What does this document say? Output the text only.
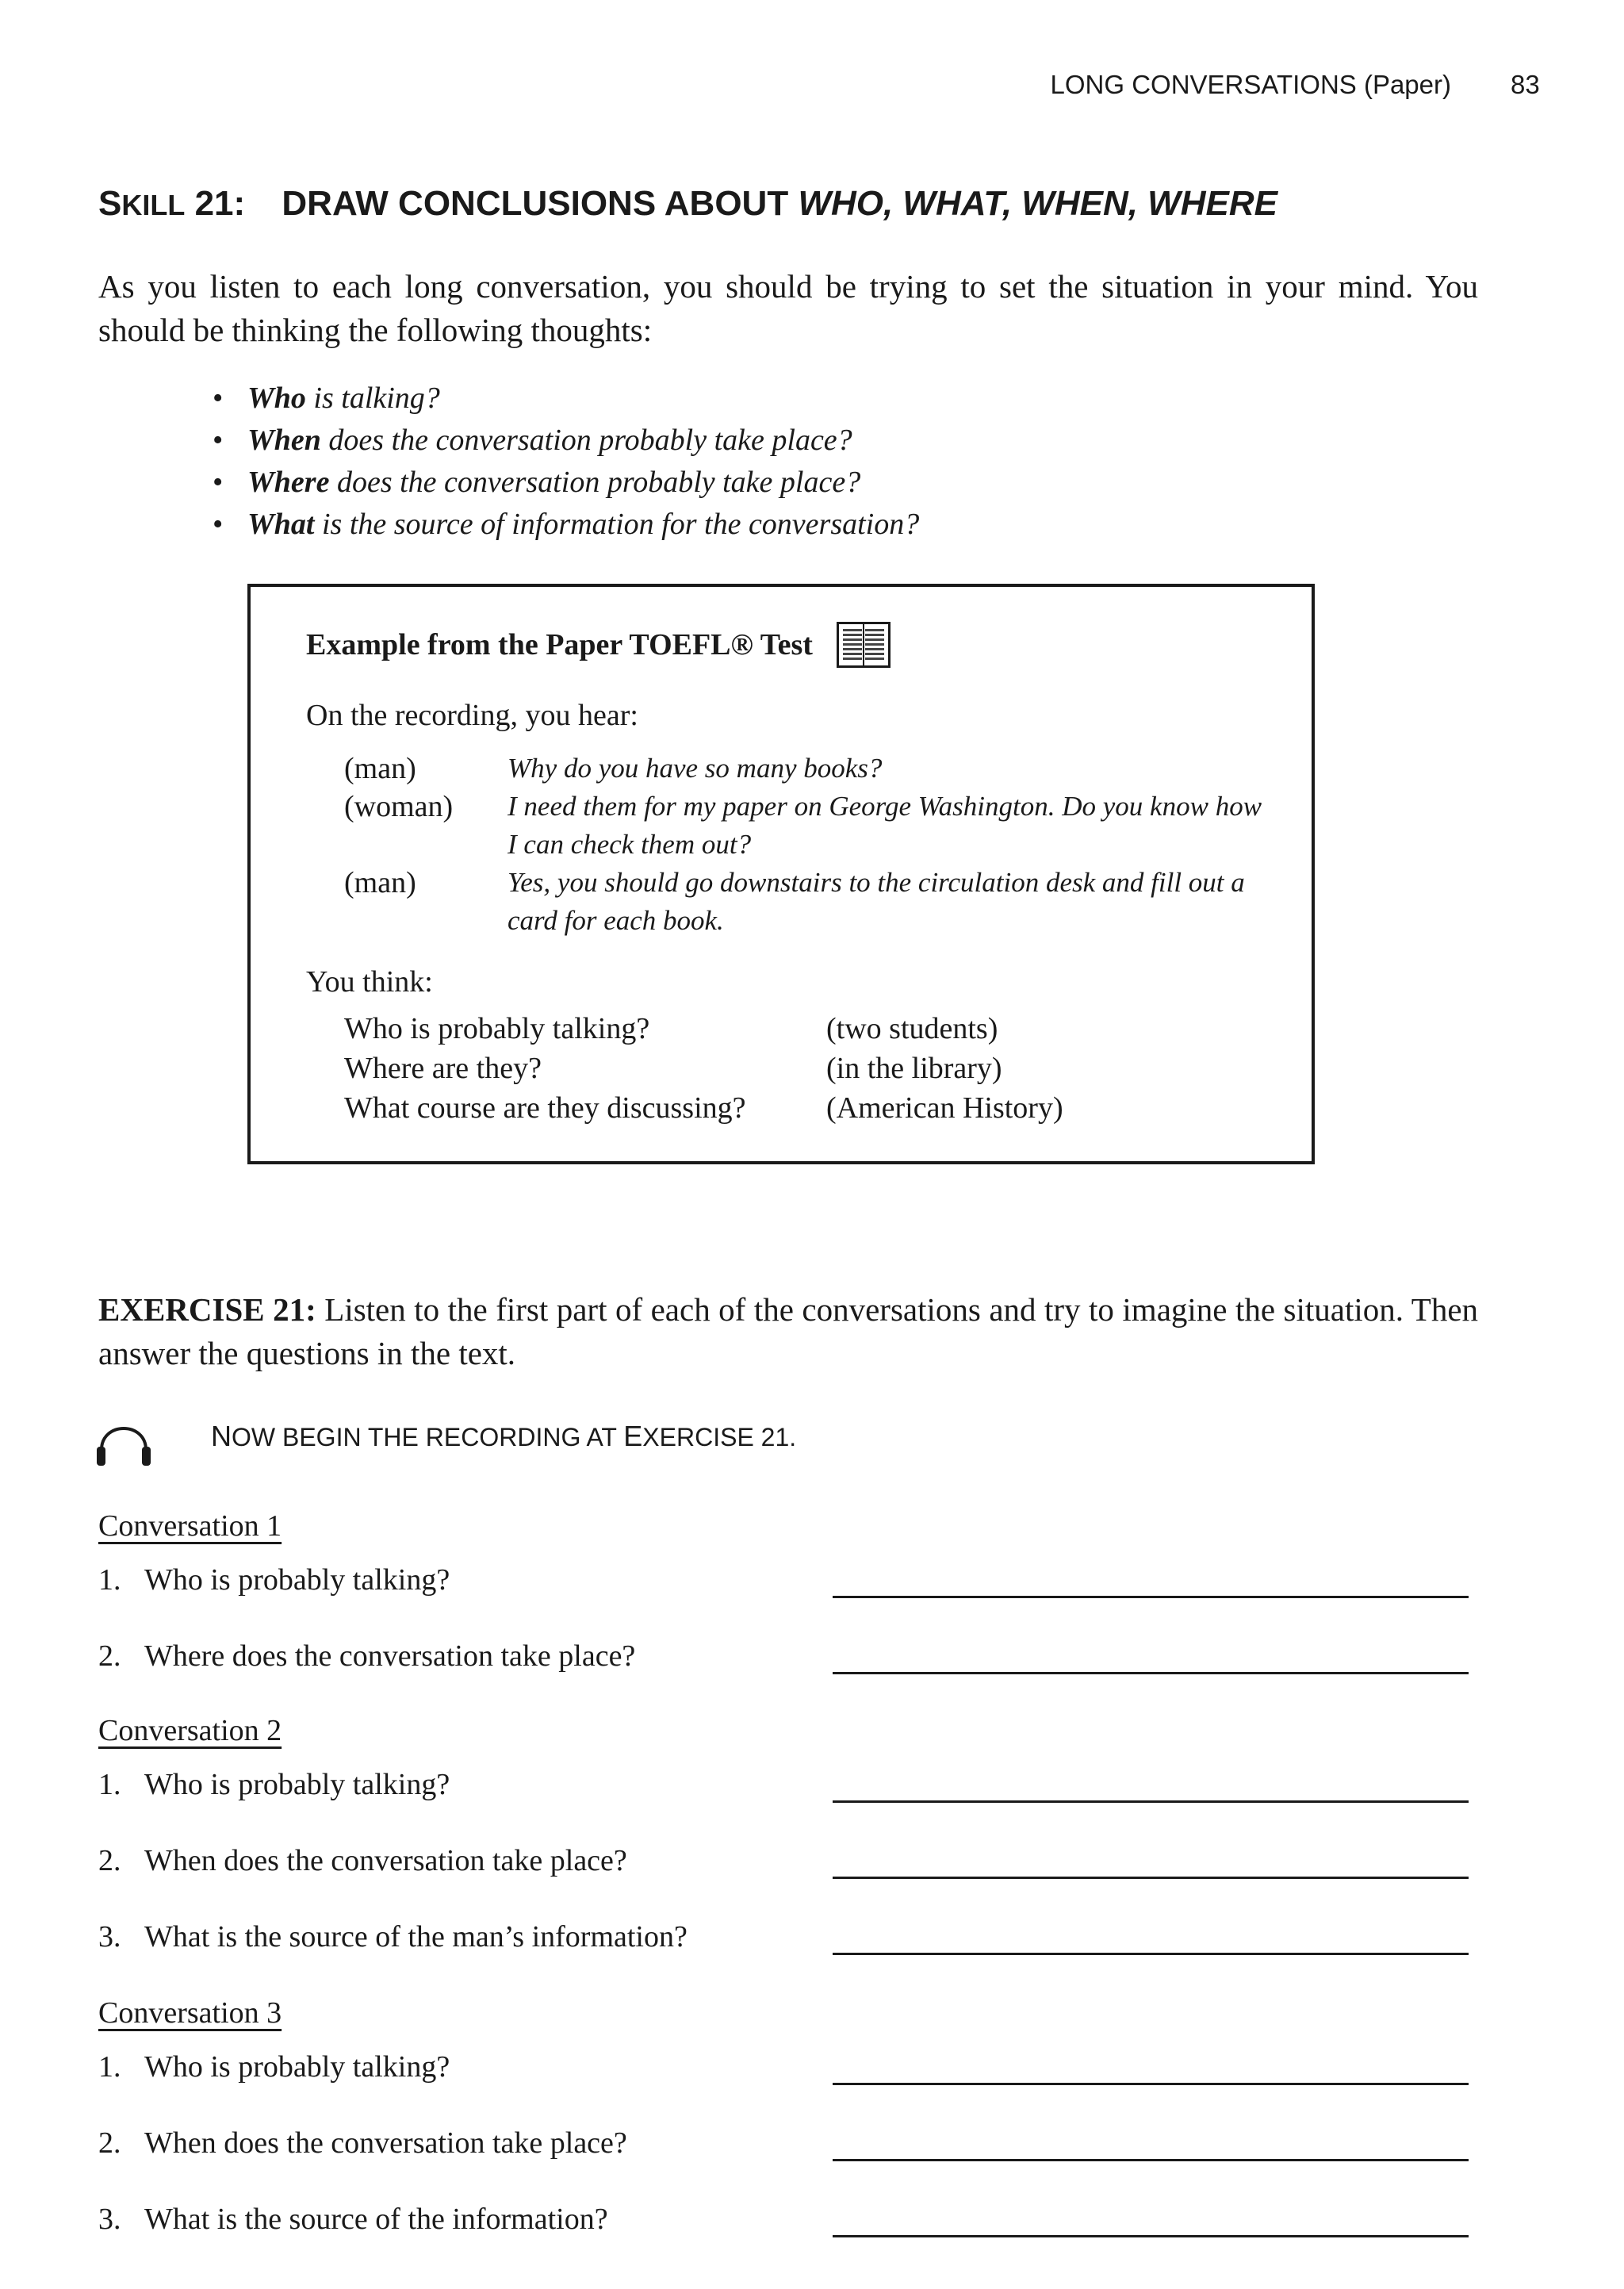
LONG CONVERSATIONS (Paper) 83
SKILL 21: DRAW CONCLUSIONS ABOUT WHO, WHAT, WHEN, WHERE
As you listen to each long conversation, you should be trying to set the situation in your mind. You should be thinking the following thoughts:
• Who is talking?
• When does the conversation probably take place?
• Where does the conversation probably take place?
• What is the source of information for the conversation?
Example from the Paper TOEFL® Test
On the recording, you hear:
(man)	Why do you have so many books?
(woman)	I need them for my paper on George Washington. Do you know how I can check them out?
(man)	Yes, you should go downstairs to the circulation desk and fill out a card for each book.
You think:
Who is probably talking?	(two students)
Where are they?	(in the library)
What course are they discussing?	(American History)
EXERCISE 21: Listen to the first part of each of the conversations and try to imagine the situation. Then answer the questions in the text.
NOW BEGIN THE RECORDING AT EXERCISE 21.
Conversation 1
1. Who is probably talking?
2. Where does the conversation take place?
Conversation 2
1. Who is probably talking?
2. When does the conversation take place?
3. What is the source of the man’s information?
Conversation 3
1. Who is probably talking?
2. When does the conversation take place?
3. What is the source of the information?
